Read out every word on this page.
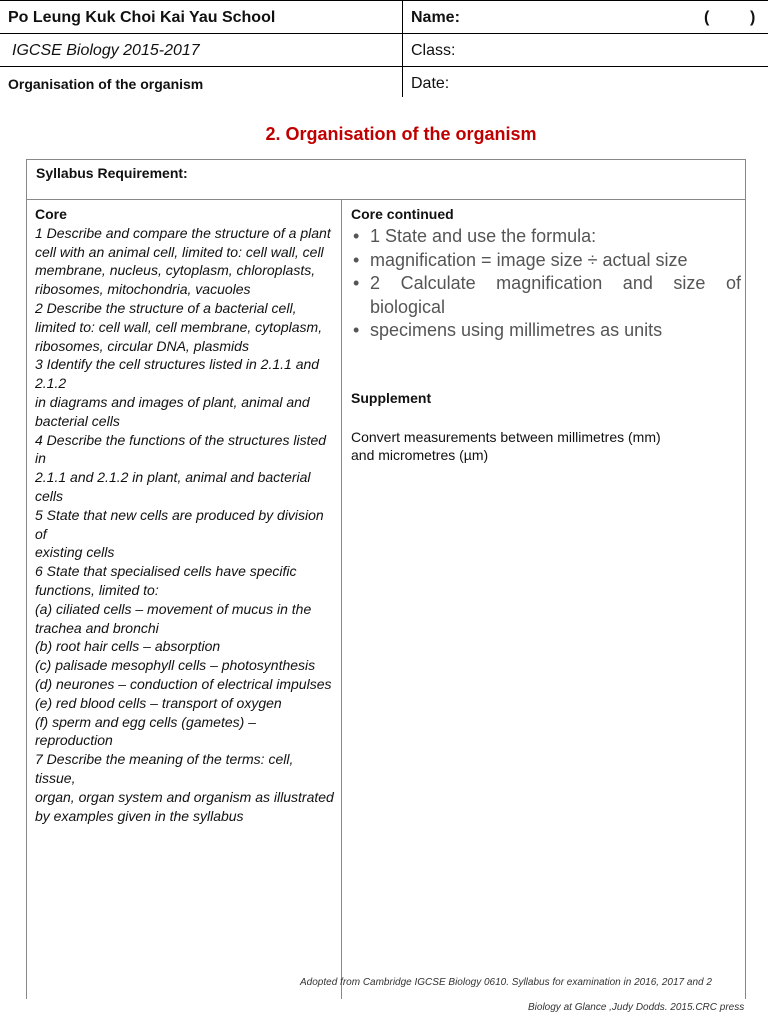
Po Leung Kuk Choi Kai Yau School
IGCSE Biology 2015-2017
Organisation of the organism
Name:	(	)
Class:
Date:
2. Organisation of the organism
Syllabus Requirement:
Core
1 Describe and compare the structure of a plant
cell with an animal cell, limited to: cell wall, cell
membrane, nucleus, cytoplasm, chloroplasts,
ribosomes, mitochondria, vacuoles
2 Describe the structure of a bacterial cell,
limited to: cell wall, cell membrane, cytoplasm,
ribosomes, circular DNA, plasmids
3 Identify the cell structures listed in 2.1.1 and 2.1.2
in diagrams and images of plant, animal and
bacterial cells
4 Describe the functions of the structures listed in
2.1.1 and 2.1.2 in plant, animal and bacterial cells
5 State that new cells are produced by division of
existing cells
6 State that specialised cells have specific functions, limited to:
(a) ciliated cells – movement of mucus in the
trachea and bronchi
(b) root hair cells – absorption
(c) palisade mesophyll cells – photosynthesis
(d) neurones – conduction of electrical impulses
(e) red blood cells – transport of oxygen
(f) sperm and egg cells (gametes) – reproduction
7 Describe the meaning of the terms: cell, tissue,
organ, organ system and organism as illustrated
by examples given in the syllabus
Core continued
• 1 State and use the formula:
• magnification = image size ÷ actual size
• 2 Calculate magnification and size of biological
• specimens using millimetres as units
Supplement
Convert measurements between millimetres (mm)
and micrometres (µm)
Adopted from Cambridge IGCSE Biology 0610. Syllabus for examination in 2016, 2017 and 2
Biology at Glance ,Judy Dodds. 2015.CRC press
